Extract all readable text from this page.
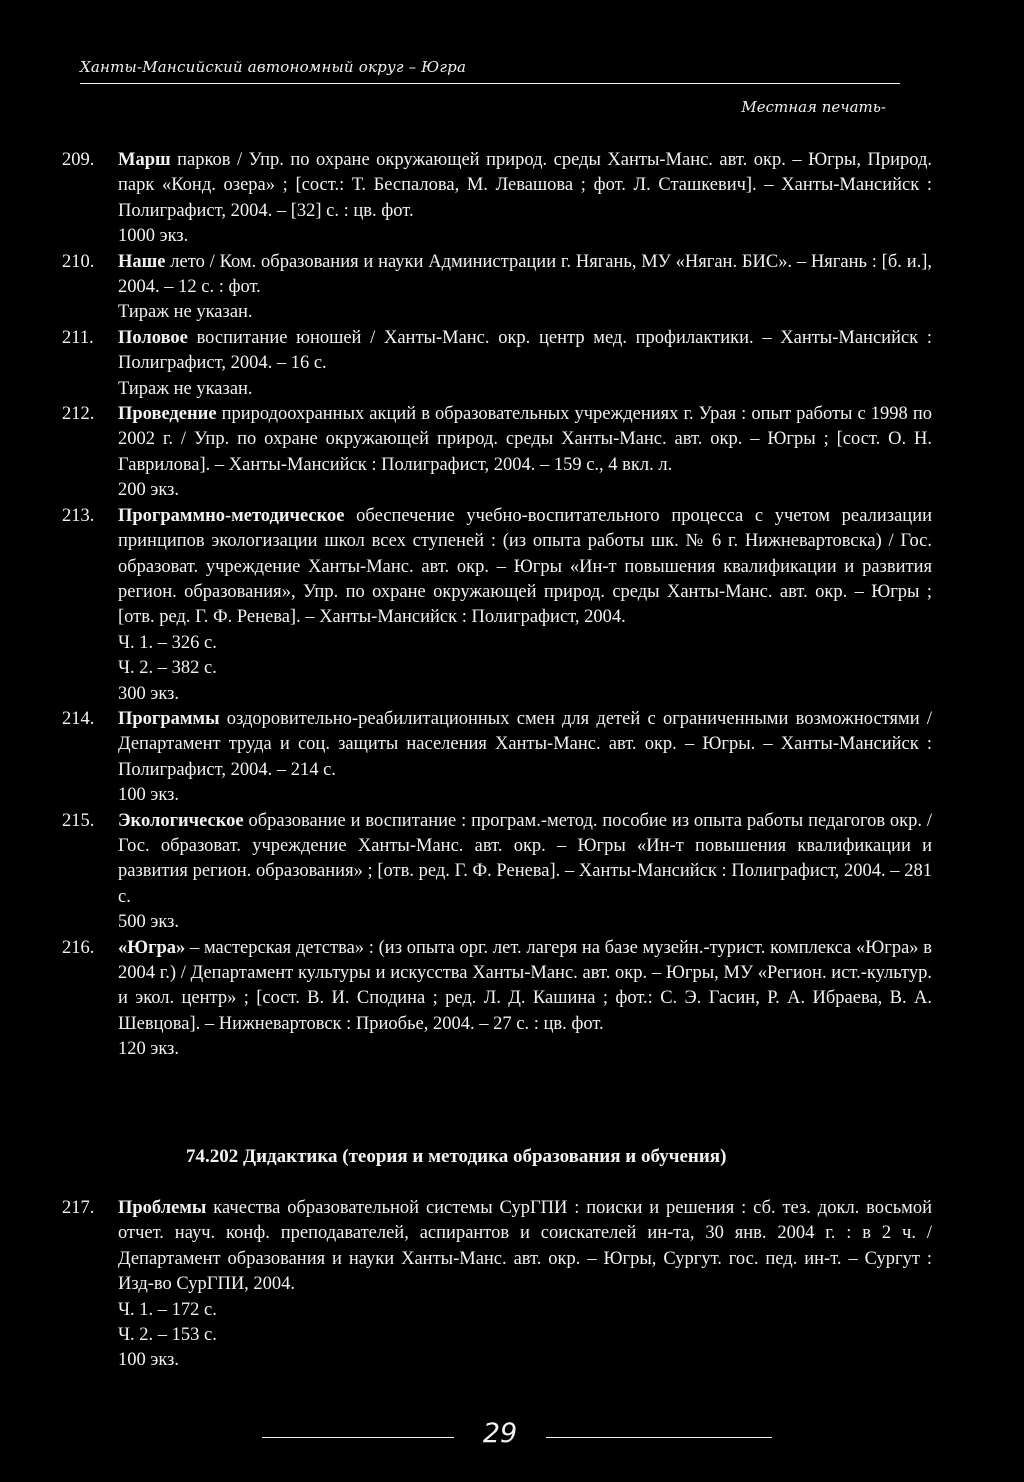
Ханты-Мансийский автономный округ – Югра
Местная печать-
209. Марш парков / Упр. по охране окружающей природ. среды Ханты-Манс. авт. окр. – Югры, Природ. парк «Конд. озера» ; [сост.: Т. Беспалова, М. Левашова ; фот. Л. Сташкевич]. – Ханты-Мансийск : Полиграфист, 2004. – [32] с. : цв. фот.
1000 экз.
210. Наше лето / Ком. образования и науки Администрации г. Нягань, МУ «Няган. БИС». – Нягань : [б. и.], 2004. – 12 с. : фот.
Тираж не указан.
211. Половое воспитание юношей / Ханты-Манс. окр. центр мед. профилактики. – Ханты-Мансийск : Полиграфист, 2004. – 16 с.
Тираж не указан.
212. Проведение природоохранных акций в образовательных учреждениях г. Урая : опыт работы с 1998 по 2002 г. / Упр. по охране окружающей природ. среды Ханты-Манс. авт. окр. – Югры ; [сост. О. Н. Гаврилова]. – Ханты-Мансийск : Полиграфист, 2004. – 159 с., 4 вкл. л.
200 экз.
213. Программно-методическое обеспечение учебно-воспитательного процесса с учетом реализации принципов экологизации школ всех ступеней : (из опыта работы шк. № 6 г. Нижневартовска) / Гос. образоват. учреждение Ханты-Манс. авт. окр. – Югры «Ин-т повышения квалификации и развития регион. образования», Упр. по охране окружающей природ. среды Ханты-Манс. авт. окр. – Югры ; [отв. ред. Г. Ф. Ренева]. – Ханты-Мансийск : Полиграфист, 2004.
Ч. 1. – 326 с.
Ч. 2. – 382 с.
300 экз.
214. Программы оздоровительно-реабилитационных смен для детей с ограниченными возможностями / Департамент труда и соц. защиты населения Ханты-Манс. авт. окр. – Югры. – Ханты-Мансийск : Полиграфист, 2004. – 214 с.
100 экз.
215. Экологическое образование и воспитание : програм.-метод. пособие из опыта работы педагогов окр. / Гос. образоват. учреждение Ханты-Манс. авт. окр. – Югры «Ин-т повышения квалификации и развития регион. образования» ; [отв. ред. Г. Ф. Ренева]. – Ханты-Мансийск : Полиграфист, 2004. – 281 с.
500 экз.
216. «Югра» – мастерская детства» : (из опыта орг. лет. лагеря на базе музейн.-турист. комплекса «Югра» в 2004 г.) / Департамент культуры и искусства Ханты-Манс. авт. окр. – Югры, МУ «Регион. ист.-культур. и экол. центр» ; [сост. В. И. Сподина ; ред. Л. Д. Кашина ; фот.: С. Э. Гасин, Р. А. Ибраева, В. А. Шевцова]. – Нижневартовск : Приобье, 2004. – 27 с. : цв. фот.
120 экз.
74.202 Дидактика (теория и методика образования и обучения)
217. Проблемы качества образовательной системы СурГПИ : поиски и решения : сб. тез. докл. восьмой отчет. науч. конф. преподавателей, аспирантов и соискателей ин-та, 30 янв. 2004 г. : в 2 ч. / Департамент образования и науки Ханты-Манс. авт. окр. – Югры, Сургут. гос. пед. ин-т. – Сургут : Изд-во СурГПИ, 2004.
Ч. 1. – 172 с.
Ч. 2. – 153 с.
100 экз.
29
